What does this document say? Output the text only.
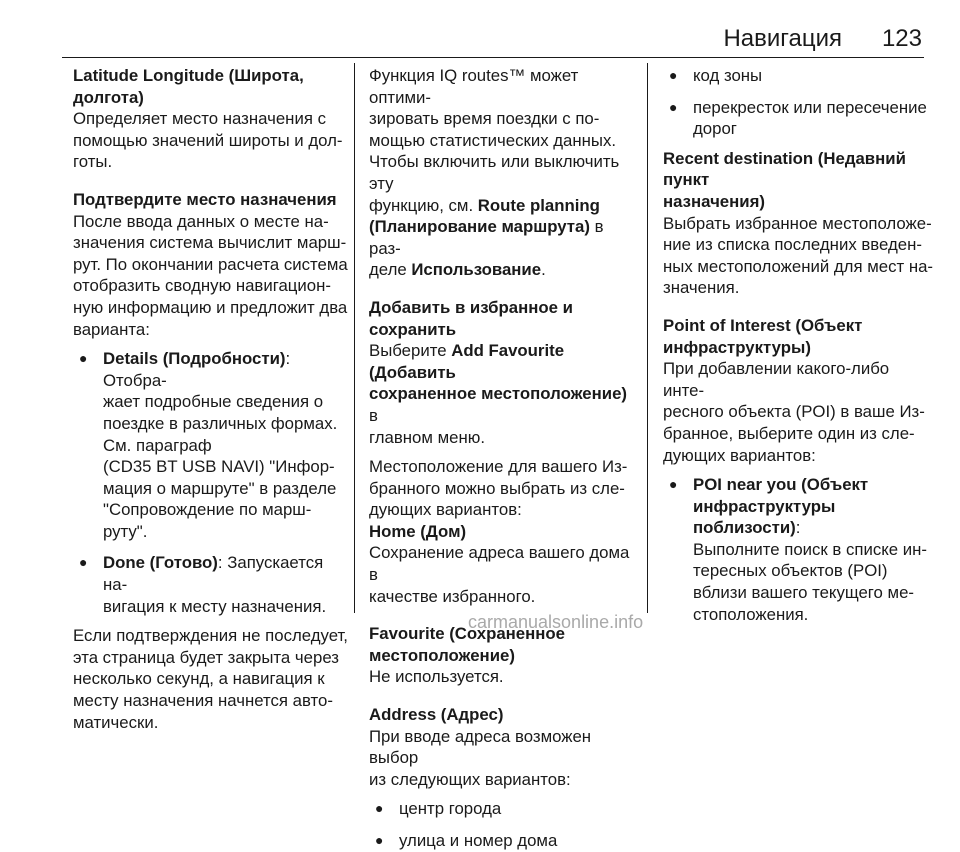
Навигация 123

Latitude Longitude (Широта,
долгота)

Определяет место назначения с
помощью значений широты и дол-
готы.

Подтвердите место назначения

После ввода данных о месте на-
значения система вычислит марш-
рут. По окончании расчета система
отобразить сводную навигацион-
ную информацию и предложит два
варианта:

● Details (Подробности): Отобра-
жает подробные сведения о
поездке в различных формах.
См. параграф
(CD35 BT USB NAVI) "Инфор-
мация о маршруте" в разделе
"Сопровождение по марш-
руту".
● Done (Готово): Запускается на-
вигация к месту назначения.

Если подтверждения не последует,
эта страница будет закрыта через
несколько секунд, а навигация к
месту назначения начнется авто-
матически.

Функция IQ routes™ может оптими-
зировать время поездки с по-
мощью статистических данных.
Чтобы включить или выключить эту
функцию, см. Route planning
(Планирование маршрута) в раз-
деле Использование.

Добавить в избранное и сохранить

Выберите Add Favourite (Добавить
сохраненное местоположение) в
главном меню.

Местоположение для вашего Из-
бранного можно выбрать из сле-
дующих вариантов:

Home (Дом)

Сохранение адреса вашего дома в
качестве избранного.

Favourite (Сохраненное
местоположение)

Не используется.

Address (Адрес)

При вводе адреса возможен выбор
из следующих вариантов:

● центр города
● улица и номер дома
● код зоны
● перекресток или пересечение
дорог

Recent destination (Недавний пункт
назначения)

Выбрать избранное местоположе-
ние из списка последних введен-
ных местоположений для мест на-
значения.

Point of Interest (Объект
инфраструктуры)

При добавлении какого-либо инте-
ресного объекта (POI) в ваше Из-
бранное, выберите один из сле-
дующих вариантов:

● POI near you (Объект
инфраструктуры поблизости):
Выполните поиск в списке ин-
тересных объектов (POI)
вблизи вашего текущего ме-
стоположения.
carmanualsonline.info
